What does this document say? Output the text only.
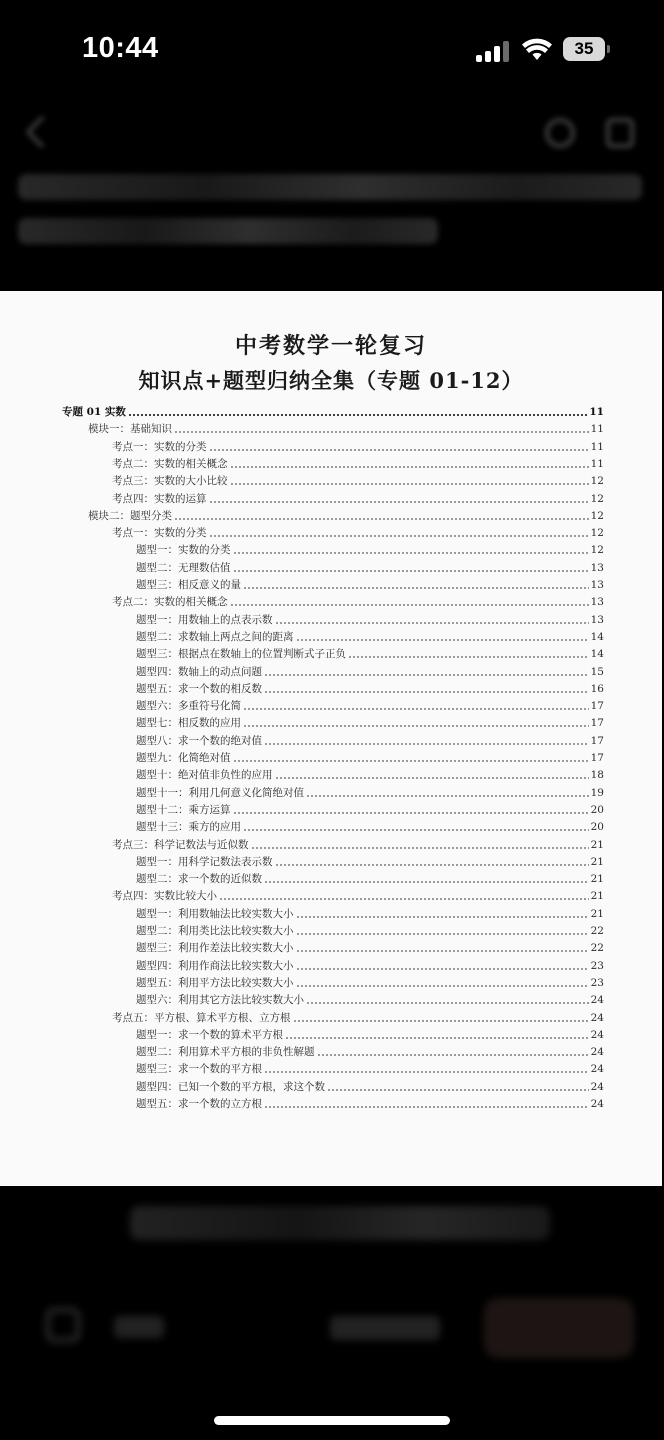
10:44	35
中考数学一轮复习
知识点+题型归纳全集（专题 01-12）
专题 01 实数	11
模块一：基础知识	11
考点一：实数的分类	11
考点二：实数的相关概念	11
考点三：实数的大小比较	12
考点四：实数的运算	12
模块二：题型分类	12
考点一：实数的分类	12
题型一：实数的分类	12
题型二：无理数估值	13
题型三：相反意义的量	13
考点二：实数的相关概念	13
题型一：用数轴上的点表示数	13
题型二：求数轴上两点之间的距离	14
题型三：根据点在数轴上的位置判断式子正负	14
题型四：数轴上的动点问题	15
题型五：求一个数的相反数	16
题型六：多重符号化简	17
题型七：相反数的应用	17
题型八：求一个数的绝对值	17
题型九：化简绝对值	17
题型十：绝对值非负性的应用	18
题型十一：利用几何意义化简绝对值	19
题型十二：乘方运算	20
题型十三：乘方的应用	20
考点三：科学记数法与近似数	21
题型一：用科学记数法表示数	21
题型二：求一个数的近似数	21
考点四：实数比较大小	21
题型一：利用数轴法比较实数大小	21
题型二：利用类比法比较实数大小	22
题型三：利用作差法比较实数大小	22
题型四：利用作商法比较实数大小	23
题型五：利用平方法比较实数大小	23
题型六：利用其它方法比较实数大小	24
考点五：平方根、算术平方根、立方根	24
题型一：求一个数的算术平方根	24
题型二：利用算术平方根的非负性解题	24
题型三：求一个数的平方根	24
题型四：已知一个数的平方根，求这个数	24
题型五：求一个数的立方根	24
